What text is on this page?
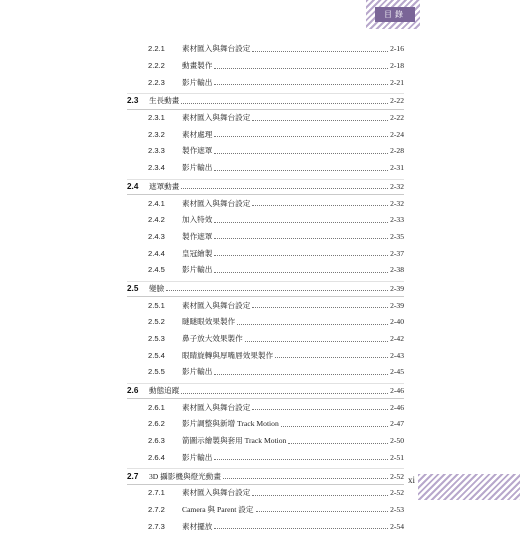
目錄
2.2.1	素材匯入與舞台設定	2-16
2.2.2	動畫製作	2-18
2.2.3	影片輸出	2-21
2.3	生長動畫	2-22
2.3.1	素材匯入與舞台設定	2-22
2.3.2	素材處理	2-24
2.3.3	製作遮罩	2-28
2.3.4	影片輸出	2-31
2.4	遮罩動畫	2-32
2.4.1	素材匯入與舞台設定	2-32
2.4.2	加入特效	2-33
2.4.3	製作遮罩	2-35
2.4.4	皇冠繪製	2-37
2.4.5	影片輸出	2-38
2.5	變臉	2-39
2.5.1	素材匯入與舞台設定	2-39
2.5.2	瞇瞇眼效果製作	2-40
2.5.3	鼻子放大效果製作	2-42
2.5.4	眼睛旋轉與厚嘴唇效果製作	2-43
2.5.5	影片輸出	2-45
2.6	動態追蹤	2-46
2.6.1	素材匯入與舞台設定	2-46
2.6.2	影片調整與新增 Track Motion	2-47
2.6.3	箭圖示繪製與套用 Track Motion	2-50
2.6.4	影片輸出	2-51
2.7	3D 攝影機與燈光動畫	2-52
2.7.1	素材匯入與舞台設定	2-52
2.7.2	Camera 與 Parent 設定	2-53
2.7.3	素材擺放	2-54
xi
